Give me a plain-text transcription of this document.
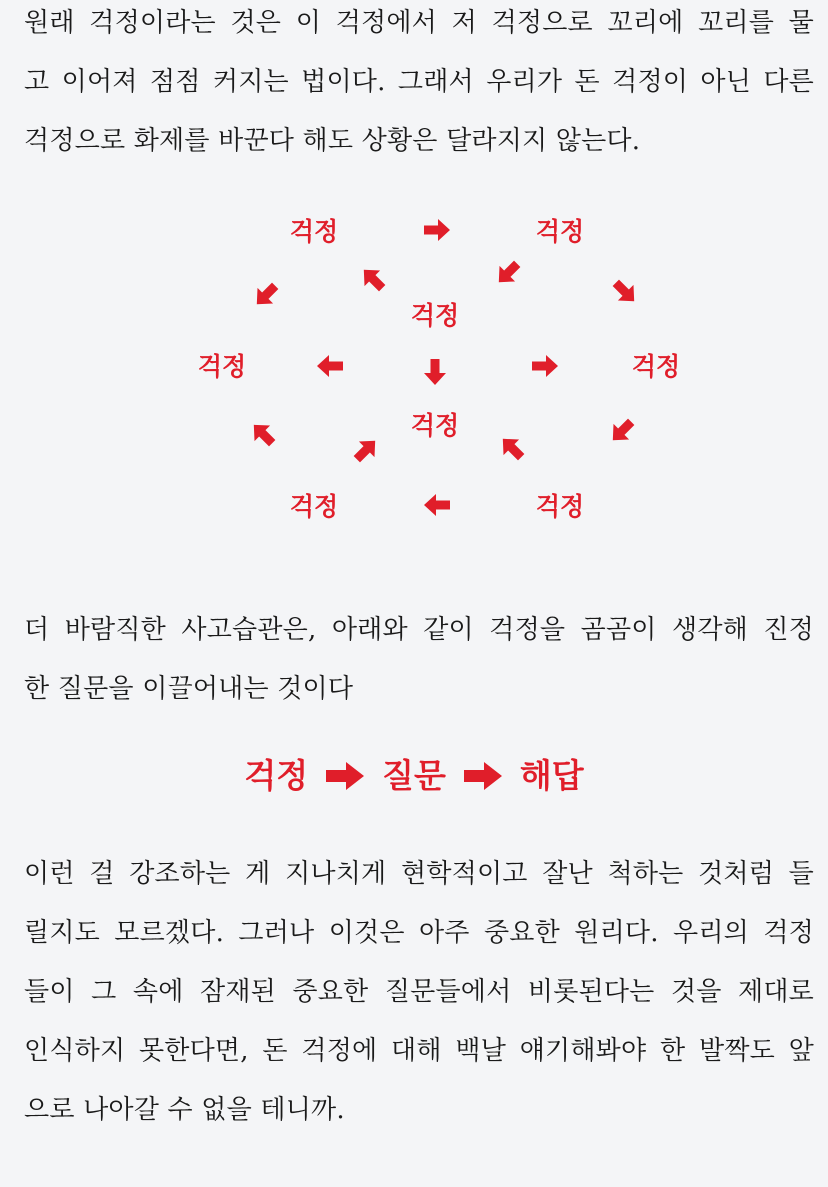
원래 걱정이라는 것은 이 걱정에서 저 걱정으로 꼬리에 꼬리를 물
고 이어져 점점 커지는 법이다. 그래서 우리가 돈 걱정이 아닌 다른
걱정으로 화제를 바꾼다 해도 상황은 달라지지 않는다.
걱정	걱정
걱정
걱정	걱정
걱정
걱정	걱정
더 바람직한 사고습관은, 아래와 같이 걱정을 곰곰이 생각해 진정
한 질문을 이끌어내는 것이다
걱정 질문 해답
이런 걸 강조하는 게 지나치게 현학적이고 잘난 척하는 것처럼 들
릴지도 모르겠다. 그러나 이것은 아주 중요한 원리다. 우리의 걱정
들이 그 속에 잠재된 중요한 질문들에서 비롯된다는 것을 제대로
인식하지 못한다면, 돈 걱정에 대해 백날 얘기해봐야 한 발짝도 앞
으로 나아갈 수 없을 테니까.
